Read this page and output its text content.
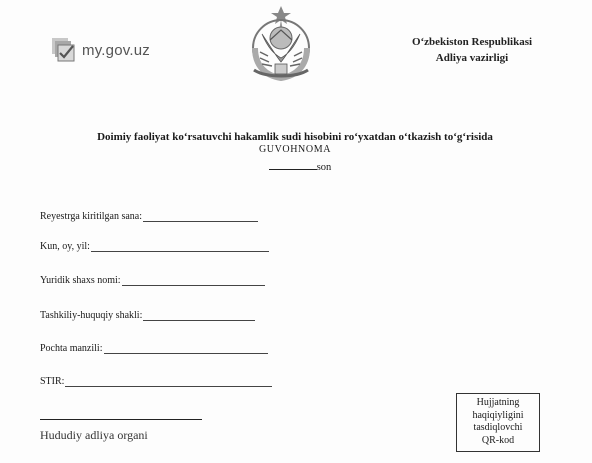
my.gov.uz	O‘zbekiston Respublikasi
Adliya vazirligi
Doimiy faoliyat ko‘rsatuvchi hakamlik sudi hisobini ro‘yxatdan o‘tkazish to‘g‘risida
GUVOHNOMA
son
Reyestrga kiritilgan sana:
Kun, oy, yil:
Yuridik shaxs nomi:
Tashkiliy-huquqiy shakli:
Pochta manzili:
STIR:
Hududiy adliya organi
Hujjatning
haqiqiyligini
tasdiqlovchi
QR-kod
